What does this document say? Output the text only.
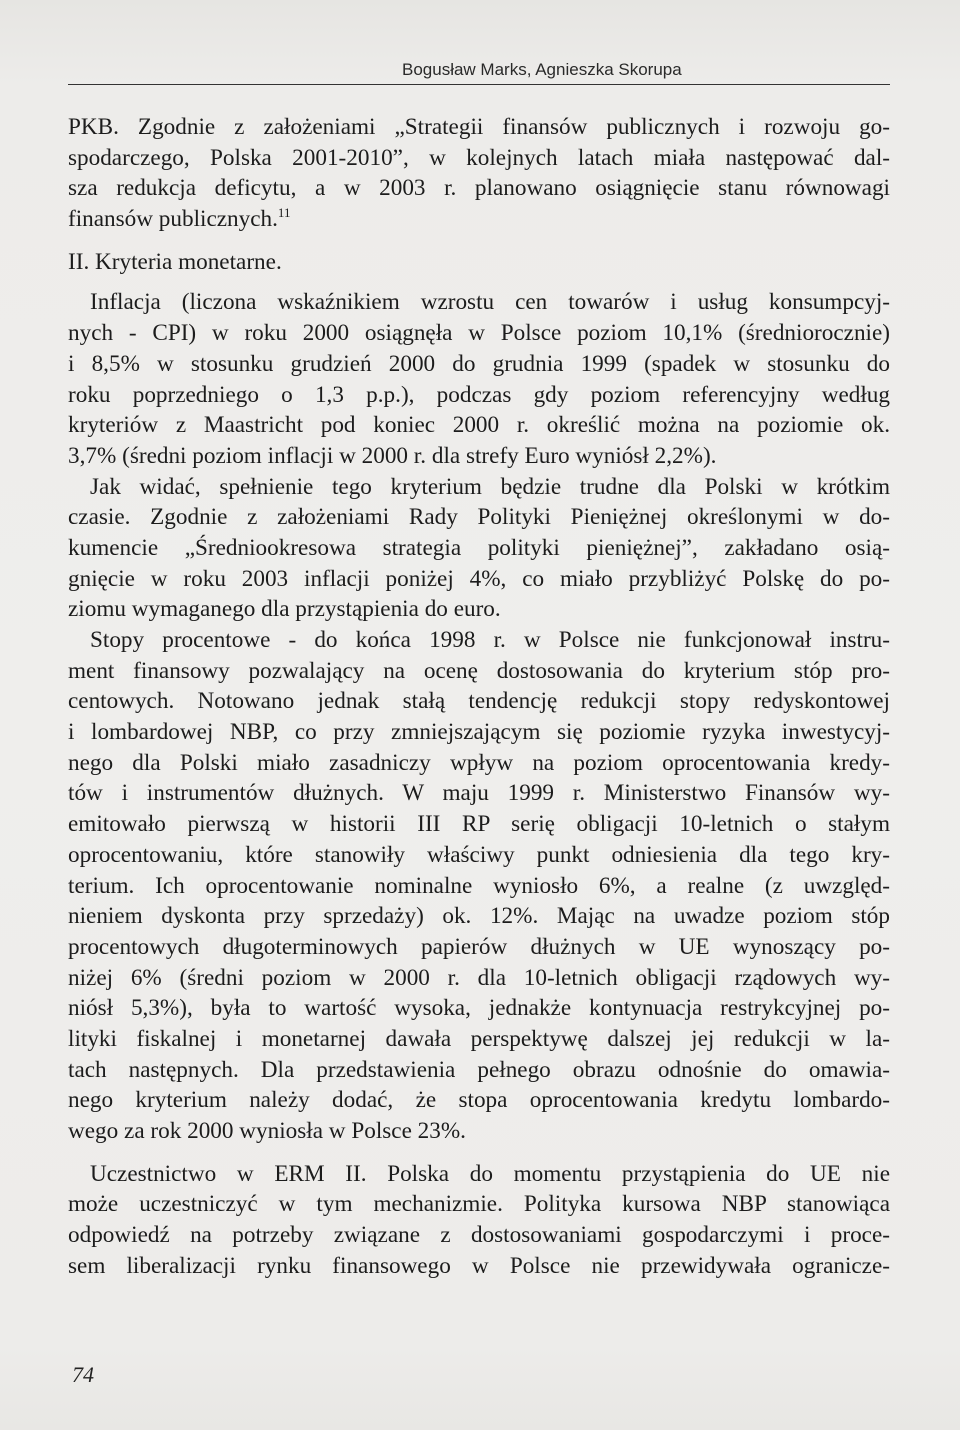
Bogusław Marks, Agnieszka Skorupa
PKB. Zgodnie z założeniami „Strategii finansów publicznych i rozwoju go-
spodarczego, Polska 2001-2010”, w kolejnych latach miała następować dal-
sza redukcja deficytu, a w 2003 r. planowano osiągnięcie stanu równowagi
finansów publicznych.$^{11}$
II. Kryteria monetarne.
Inflacja (liczona wskaźnikiem wzrostu cen towarów i usług konsumpcyj-
nych - CPI) w roku 2000 osiągnęła w Polsce poziom 10,1% (średniorocznie)
i 8,5% w stosunku grudzień 2000 do grudnia 1999 (spadek w stosunku do
roku poprzedniego o 1,3 p.p.), podczas gdy poziom referencyjny według
kryteriów z Maastricht pod koniec 2000 r. określić można na poziomie ok.
3,7% (średni poziom inflacji w 2000 r. dla strefy Euro wyniósł 2,2%).
Jak widać, spełnienie tego kryterium będzie trudne dla Polski w krótkim
czasie. Zgodnie z założeniami Rady Polityki Pieniężnej określonymi w do-
kumencie „Średniookresowa strategia polityki pieniężnej”, zakładano osią-
gnięcie w roku 2003 inflacji poniżej 4%, co miało przybliżyć Polskę do po-
ziomu wymaganego dla przystąpienia do euro.
Stopy procentowe - do końca 1998 r. w Polsce nie funkcjonował instru-
ment finansowy pozwalający na ocenę dostosowania do kryterium stóp pro-
centowych. Notowano jednak stałą tendencję redukcji stopy redyskontowej
i lombardowej NBP, co przy zmniejszającym się poziomie ryzyka inwestycyj-
nego dla Polski miało zasadniczy wpływ na poziom oprocentowania kredy-
tów i instrumentów dłużnych. W maju 1999 r. Ministerstwo Finansów wy-
emitowało pierwszą w historii III RP serię obligacji 10-letnich o stałym
oprocentowaniu, które stanowiły właściwy punkt odniesienia dla tego kry-
terium. Ich oprocentowanie nominalne wyniosło 6%, a realne (z uwzględ-
nieniem dyskonta przy sprzedaży) ok. 12%. Mając na uwadze poziom stóp
procentowych długoterminowych papierów dłużnych w UE wynoszący po-
niżej 6% (średni poziom w 2000 r. dla 10-letnich obligacji rządowych wy-
niósł 5,3%), była to wartość wysoka, jednakże kontynuacja restrykcyjnej po-
lityki fiskalnej i monetarnej dawała perspektywę dalszej jej redukcji w la-
tach następnych. Dla przedstawienia pełnego obrazu odnośnie do omawia-
nego kryterium należy dodać, że stopa oprocentowania kredytu lombardo-
wego za rok 2000 wyniosła w Polsce 23%.
Uczestnictwo w ERM II. Polska do momentu przystąpienia do UE nie
może uczestniczyć w tym mechanizmie. Polityka kursowa NBP stanowiąca
odpowiedź na potrzeby związane z dostosowaniami gospodarczymi i proce-
sem liberalizacji rynku finansowego w Polsce nie przewidywała ogranicze-
74
